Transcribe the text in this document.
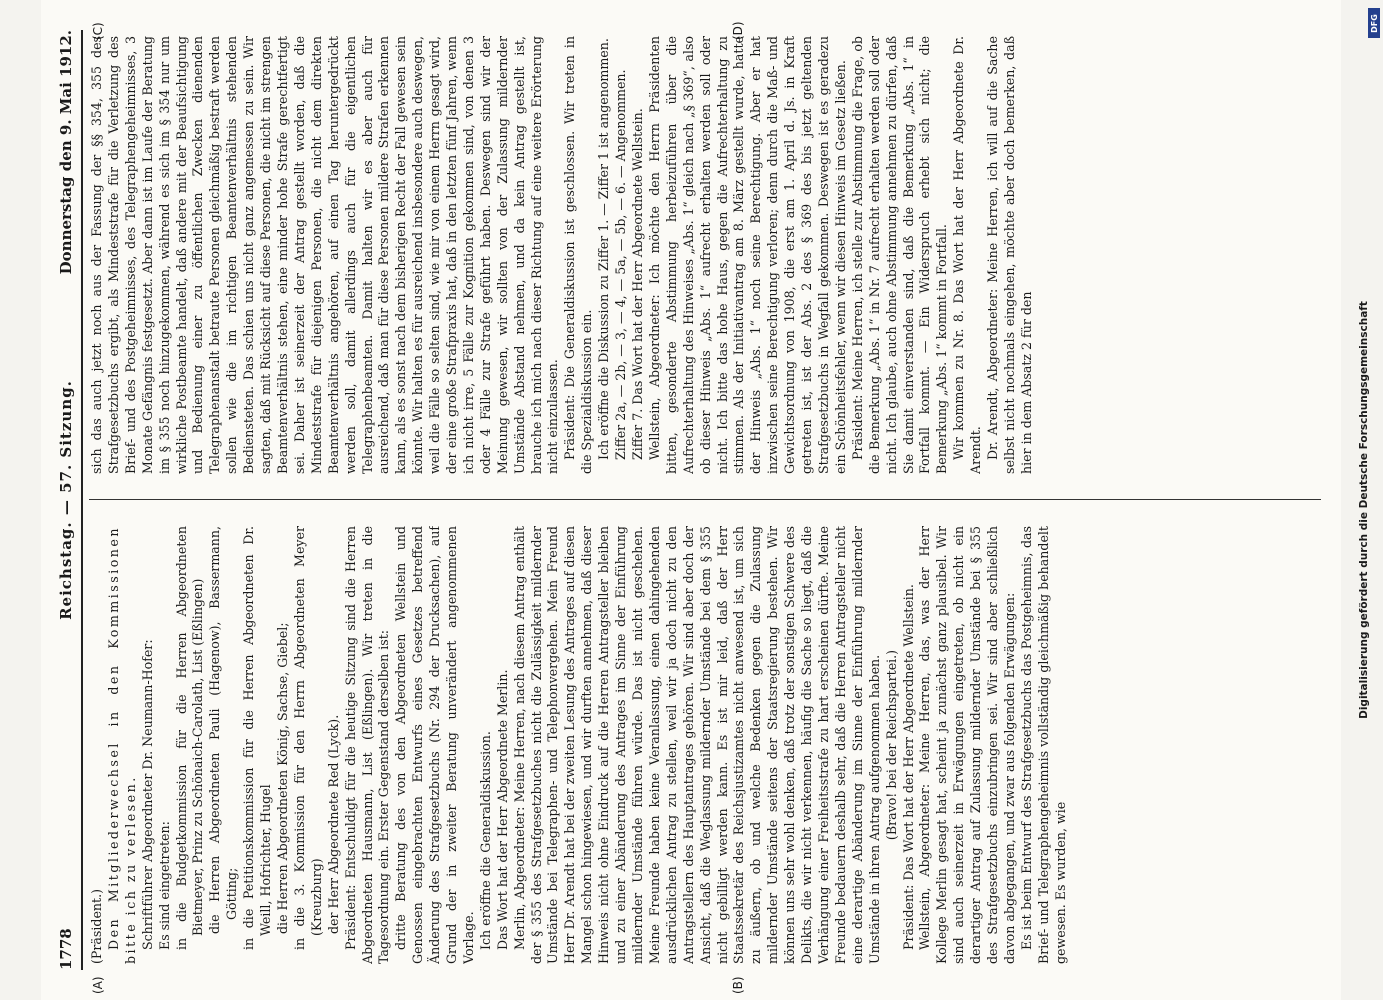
1778
Reichstag. — 57. Sitzung.
Donnerstag den 9. Mai 1912.
(A)	(B)
(C)	(D)

(Präsident.) Den Mitgliederwechsel in den Kommissionen bitte ich zu verlesen. Schriftführer Abgeordneter Dr. Neumann-Hofer: Es sind eingetreten: in die Budgetkommission für die Herren Abgeordneten Bietmeyer, Prinz zu Schönaich-Carolath, List (Eßlingen) die Herren Abgeordneten Pauli (Hagenow), Bassermann, Götting; in die Petitionskommission für die Herren Abgeordneten Dr. Weill, Hofrichter, Hugel die Herren Abgeordneten König, Sachse, Giebel; in die 3. Kommission für den Herrn Abgeordneten Meyer (Kreuzburg) der Herr Abgeordnete Red (Lyck). Präsident: Entschuldigt für die heutige Sitzung sind die Herren Abgeordneten Hausmann, List (Eßlingen). Wir treten in die Tagesordnung ein. Erster Gegenstand derselben ist: dritte Beratung des von den Abgeordneten Wellstein und Genossen eingebrachten Entwurfs eines Gesetzes betreffend Änderung des Strafgesetzbuchs (Nr. 294 der Drucksachen), auf Grund der in zweiter Beratung unverändert angenommenen Vorlage. Ich eröffne die Generaldiskussion. Das Wort hat der Herr Abgeordnete Merlin. Merlin, Abgeordneter: Meine Herren, nach diesem Antrag enthält der § 355 des Strafgesetzbuches nicht die Zulässigkeit mildernder Umstände bei Telegraphen- und Telephonvergehen. Mein Freund Herr Dr. Arendt hat bei der zweiten Lesung des Antrages auf diesen Mangel schon hingewiesen, und wir durften annehmen, daß dieser Hinweis nicht ohne Eindruck auf die Herren Antragsteller bleiben und zu einer Abänderung des Antrages im Sinne der Einführung mildernder Umstände führen würde. Das ist nicht geschehen. Meine Freunde haben keine Veranlassung, einen dahingehenden ausdrücklichen Antrag zu stellen, weil wir ja doch nicht zu den Antragstellern des Hauptantrages gehören. Wir sind aber doch der Ansicht, daß die Weglassung mildernder Umstände bei dem § 355 nicht gebilligt werden kann. Es ist mir leid, daß der Herr Staatssekretär des Reichsjustizamtes nicht anwesend ist, um sich zu äußern, ob und welche Bedenken gegen die Zulassung mildernder Umstände seitens der Staatsregierung bestehen. Wir können uns sehr wohl denken, daß trotz der sonstigen Schwere des Delikts, die wir nicht verkennen, häufig die Sache so liegt, daß die Verhängung einer Freiheitsstrafe zu hart erscheinen dürfte. Meine Freunde bedauern deshalb sehr, daß die Herren Antragsteller nicht eine derartige Abänderung im Sinne der Einführung mildernder Umstände in ihren Antrag aufgenommen haben. (Bravo! bei der Reichspartei.) Präsident: Das Wort hat der Herr Abgeordnete Wellstein. Wellstein, Abgeordneter: Meine Herren, das, was der Herr Kollege Merlin gesagt hat, scheint ja zunächst ganz plausibel. Wir sind auch seinerzeit in Erwägungen eingetreten, ob nicht ein derartiger Antrag auf Zulassung mildernder Umstände bei § 355 des Strafgesetzbuchs einzubringen sei. Wir sind aber schließlich davon abgegangen, und zwar aus folgenden Erwägungen: Es ist beim Entwurf des Strafgesetzbuchs das Postgeheimnis, das Brief- und Telegraphengeheimnis vollständig gleichmäßig behandelt gewesen. Es wurden, wie

sich das auch jetzt noch aus der Fassung der §§ 354, 355 des Strafgesetzbuchs ergibt, als Mindeststrafe für die Verletzung des Brief- und des Postgeheimnisses, des Telegraphengeheimnisses, 3 Monate Gefängnis festgesetzt. Aber dann ist im Laufe der Beratung im § 355 noch hinzugekommen, während es sich im § 354 nur um wirkliche Postbeamte handelt, daß andere mit der Beaufsichtigung und Bedienung einer zu öffentlichen Zwecken dienenden Telegraphenanstalt betraute Personen gleichmäßig bestraft werden sollen wie die im richtigen Beamtenverhältnis stehenden Bediensteten. Das schien uns nicht ganz angemessen zu sein. Wir sagten, daß mit Rücksicht auf diese Personen, die nicht im strengen Beamtenverhältnis stehen, eine minder hohe Strafe gerechtfertigt sei. Daher ist seinerzeit der Antrag gestellt worden, daß die Mindeststrafe für diejenigen Personen, die nicht dem direkten Beamtenverhältnis angehören, auf einen Tag heruntergedrückt werden soll, damit allerdings auch für die eigentlichen Telegraphenbeamten. Damit halten wir es aber auch für ausreichend, daß man für diese Personen mildere Strafen erkennen kann, als es sonst nach dem bisherigen Recht der Fall gewesen sein könnte. Wir halten es für ausreichend insbesondere auch deswegen, weil die Fälle so selten sind, wie mir von einem Herrn gesagt wird, der eine große Strafpraxis hat, daß in den letzten fünf Jahren, wenn ich nicht irre, 5 Fälle zur Kognition gekommen sind, von denen 3 oder 4 Fälle zur Strafe geführt haben. Deswegen sind wir der Meinung gewesen, wir sollten von der Zulassung mildernder Umstände Abstand nehmen, und da kein Antrag gestellt ist, brauche ich mich nach dieser Richtung auf eine weitere Erörterung nicht einzulassen. Präsident: Die Generaldiskussion ist geschlossen. Wir treten in die Spezialdiskussion ein. Ich eröffne die Diskussion zu Ziffer 1. — Ziffer 1 ist angenommen. Ziffer 2a, — 2b, — 3, — 4, — 5a, — 5b, — 6. — Angenommen. Ziffer 7. Das Wort hat der Herr Abgeordnete Wellstein. Wellstein, Abgeordneter: Ich möchte den Herrn Präsidenten bitten, gesonderte Abstimmung herbeizuführen über die Aufrechterhaltung des Hinweises „Abs. 1“ gleich nach „§ 369“, also ob dieser Hinweis „Abs. 1“ aufrecht erhalten werden soll oder nicht. Ich bitte das hohe Haus, gegen die Aufrechterhaltung zu stimmen. Als der Initiativantrag am 8. März gestellt wurde, hatte der Hinweis „Abs. 1“ noch seine Berechtigung. Aber er hat inzwischen seine Berechtigung verloren; denn durch die Maß- und Gewichtsordnung von 1908, die erst am 1. April d. Js. in Kraft getreten ist, ist der Abs. 2 des § 369 des bis jetzt geltenden Strafgesetzbuchs in Wegfall gekommen. Deswegen ist es geradezu ein Schönheitsfehler, wenn wir diesen Hinweis im Gesetz ließen. Präsident: Meine Herren, ich stelle zur Abstimmung die Frage, ob die Bemerkung „Abs. 1“ in Nr. 7 aufrecht erhalten werden soll oder nicht. Ich glaube, auch ohne Abstimmung annehmen zu dürfen, daß Sie damit einverstanden sind, daß die Bemerkung „Abs. 1“ in Fortfall kommt. — Ein Widerspruch erhebt sich nicht; die Bemerkung „Abs. 1“ kommt in Fortfall. Wir kommen zu Nr. 8. Das Wort hat der Herr Abgeordnete Dr. Arendt. Dr. Arendt, Abgeordneter: Meine Herren, ich will auf die Sache selbst nicht nochmals eingehen, möchte aber doch bemerken, daß hier in dem Absatz 2 für den	Digitalisierung gefördert durch die Deutsche Forschungsgemeinschaft
DFG
